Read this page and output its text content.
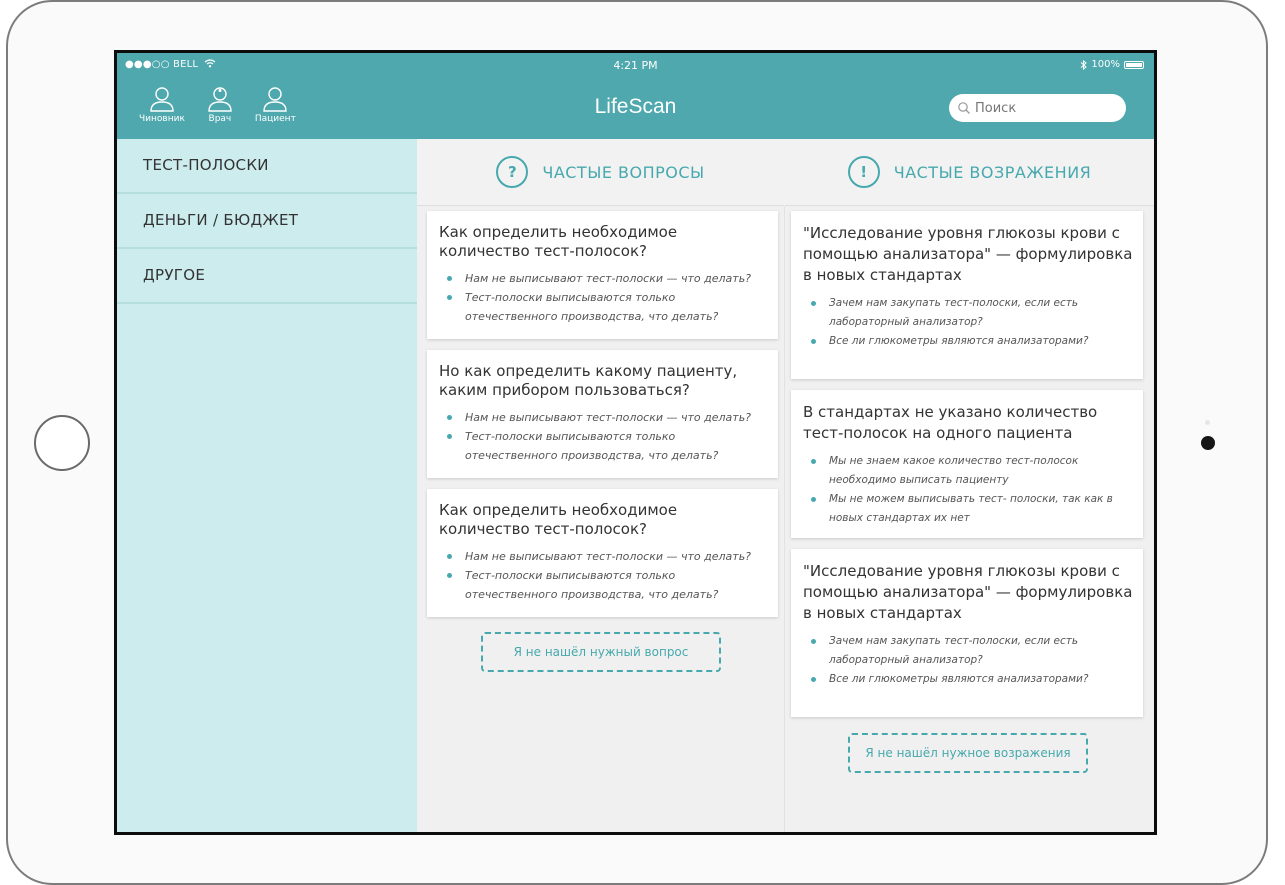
●●●○○ BELL	4:21 PM	100%
Чиновник	Врач	Пациент
LifeScan
Поиск
ТЕСТ-ПОЛОСКИ
ДЕНЬГИ / БЮДЖЕТ
ДРУГОЕ
?	ЧАСТЫЕ ВОПРОСЫ	!	ЧАСТЫЕ ВОЗРАЖЕНИЯ
Как определить необходимое количество тест-полосок?
Нам не выписывают тест-полоски — что делать?
Тест-полоски выписываются только отечественного производства, что делать?
Но как определить какому пациенту, каким прибором пользоваться?
Нам не выписывают тест-полоски — что делать?
Тест-полоски выписываются только отечественного производства, что делать?
Как определить необходимое количество тест-полосок?
Нам не выписывают тест-полоски — что делать?
Тест-полоски выписываются только отечественного производства, что делать?
Я не нашёл нужный вопрос
"Исследование уровня глюкозы крови с помощью анализатора" — формулировка в новых стандартах
Зачем нам закупать тест-полоски, если есть лабораторный анализатор?
Все ли глюкометры являются анализаторами?
В стандартах не указано количество тест-полосок на одного пациента
Мы не знаем какое количество тест-полосок необходимо выписать пациенту
Мы не можем выписывать тест- полоски, так как в новых стандартах их нет
"Исследование уровня глюкозы крови с помощью анализатора" — формулировка в новых стандартах
Зачем нам закупать тест-полоски, если есть лабораторный анализатор?
Все ли глюкометры являются анализаторами?
Я не нашёл нужное возражения
